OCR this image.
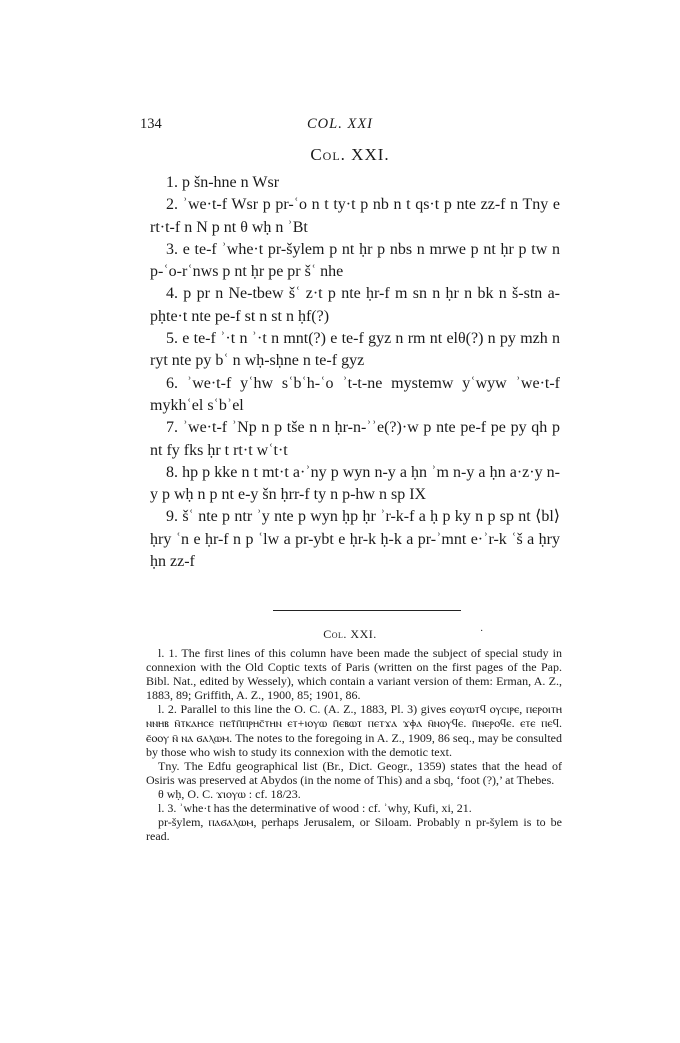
134	COL. XXI
Col. XXI.

1. p šn-hne n Wsr

2. ʾwe·t-f Wsr p pr-ʿo n t ty·t p nb n t qs·t p nte zz-f n Tny e rt·t-f n N p nt θ wḥ n ʾBt

3. e te-f ʾwhe·t pr-šylem p nt ḥr p nbs n mrwe p nt ḥr p tw n p-ʿo-rʿnws p nt ḥr pe pr šʿ nhe

4. p pr n Ne-tbew šʿ z·t p nte ḥr-f m sn n ḥr n bk n š-stn a-pḥte·t nte pe-f st n st n ḥf(?)

5. e te-f ʾ·t n ʾ·t n mnt(?) e te-f gyz n rm nt elθ(?) n py mzh n ryt nte py bʿ n wḥ-sḥne n te-f gyz

6. ʾwe·t-f yʿhw sʿbʿh-ʿo ʾt-t-ne mystemw yʿwyw ʾwe·t-f mykhʿel sʿbʾel

7. ʾwe·t-f ʾNp n p tše n n ḥr-n-ʾʾe(?)·w p nte pe-f pe py qh p nt fy fks ḥr t rt·t wʿt·t

8. hp p kke n t mt·t a·ʾny p wyn n-y a ḥn ʾm n-y a ḥn a·z·y n-y p wḥ n p nt e-y šn ḥrr-f ty n p-hw n sp IX

9. šʿ nte p ntr ʾy nte p wyn ḥp ḥr ʾr-k-f a ḥ p ky n p sp nt ⟨bl⟩ ḥry ʿn e ḥr-f n p ʿlw a pr-ybt e ḥr-k ḥ-k a pr-ʾmnt e·ʾr-k ʿš a ḥry ḥn zz-f

·
Col. XXI.

l. 1. The first lines of this column have been made the subject of special study in connexion with the Old Coptic texts of Paris (written on the first pages of the Pap. Bibl. Nat., edited by Wessely), which contain a variant version of them: Erman, A. Z., 1883, 89; Griffith, A. Z., 1900, 85; 1901, 86.

l. 2. Parallel to this line the O. C. (A. Z., 1883, Pl. 3) gives ⲉⲟⲩⲱⲧϥ ⲟⲩⲥⲓⲣⲉ, ⲡⲉⲣⲟⲓⲧⲏ ⲛⲛⲏⲃ ⲛ̄ⲧⲕⲁⲏⲥⲉ ⲡⲉⲧ̄ⲡ̄ⲡⲣⲏⲥ̄ⲧⲏⲛ ⲉⲧ+ⲓⲟⲩⲱ ⲡ̄ⲉⲃⲱⲧ ⲡⲉⲧϫⲁ ϫⲫⲁ ⲛ̄ⲛⲟⲩϥⲉ. ⲡ̄ⲛⲉⲣⲟϥⲉ. ⲉⲧⲉ ⲡⲉϥ. ⲉ̄ⲟⲟⲩ ⲛ̄ ⲛⲁ ϭⲁⲗⲱⲙ. The notes to the foregoing in A. Z., 1909, 86 seq., may be consulted by those who wish to study its connexion with the demotic text.

Tny. The Edfu geographical list (Br., Dict. Geogr., 1359) states that the head of Osiris was preserved at Abydos (in the nome of This) and a sbq, ‘foot (?),’ at Thebes.

θ wḥ, O. C. ϫⲓⲟⲩⲱ : cf. 18/23.

l. 3. ʾwhe·t has the determinative of wood : cf. ʾwhy, Kufi, xi, 21.

pr-šylem, ⲡⲁϭⲁⲗⲱⲙ, perhaps Jerusalem, or Siloam. Probably n pr-šylem is to be read.
